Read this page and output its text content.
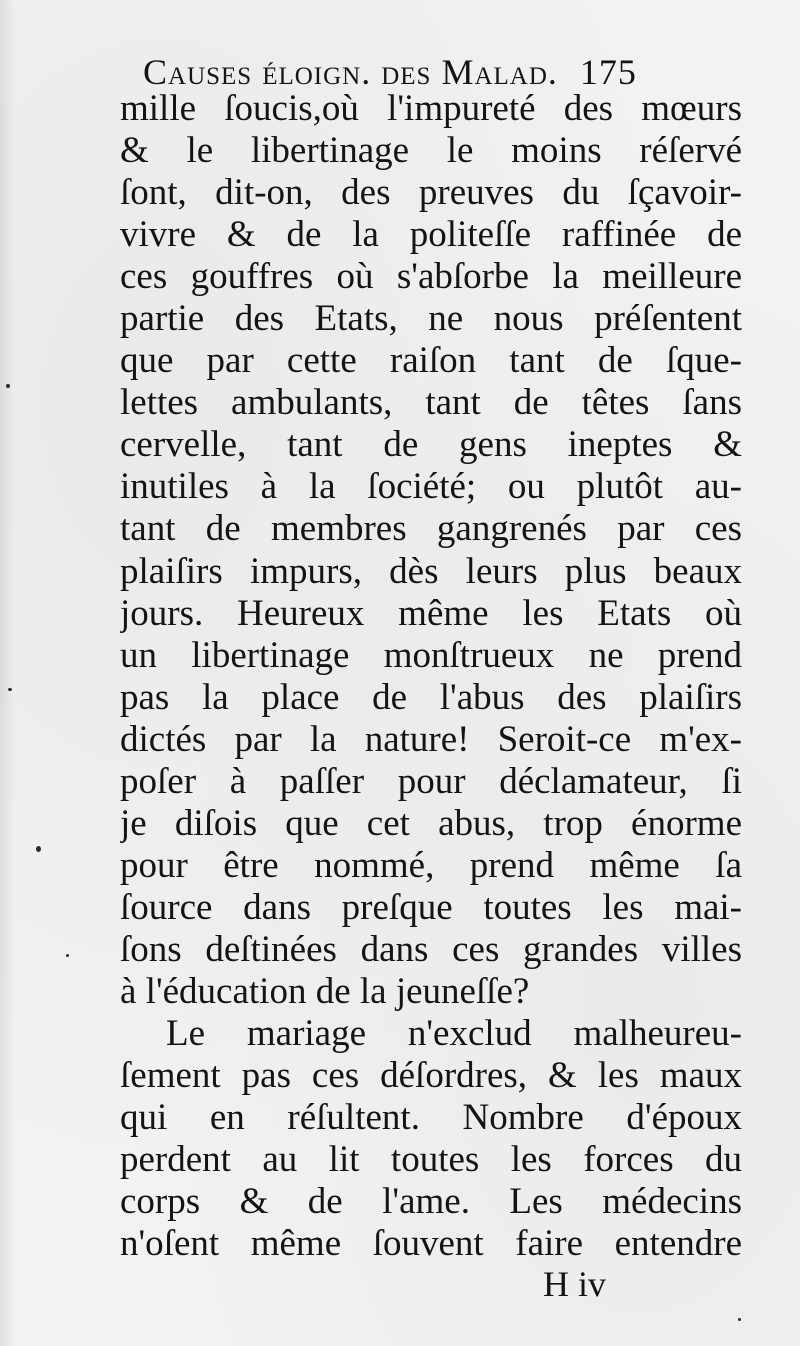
Causes éloign. des Malad. 175
mille ſoucis,où l'impureté des mœurs
& le libertinage le moins réſervé
ſont, dit-on, des preuves du ſçavoir-
vivre & de la politeſſe raffinée de
ces gouffres où s'abſorbe la meilleure
partie des Etats, ne nous préſentent
que par cette raiſon tant de ſque-
lettes ambulants, tant de têtes ſans
cervelle, tant de gens ineptes &
inutiles à la ſociété; ou plutôt au-
tant de membres gangrenés par ces
plaiſirs impurs, dès leurs plus beaux
jours. Heureux même les Etats où
un libertinage monſtrueux ne prend
pas la place de l'abus des plaiſirs
dictés par la nature! Seroit-ce m'ex-
poſer à paſſer pour déclamateur, ſi
je diſois que cet abus, trop énorme
pour être nommé, prend même ſa
ſource dans preſque toutes les mai-
ſons deſtinées dans ces grandes villes
à l'éducation de la jeuneſſe?
Le mariage n'exclud malheureu-
ſement pas ces déſordres, & les maux
qui en réſultent. Nombre d'époux
perdent au lit toutes les forces du
corps & de l'ame. Les médecins
n'oſent même ſouvent faire entendre
H iv
